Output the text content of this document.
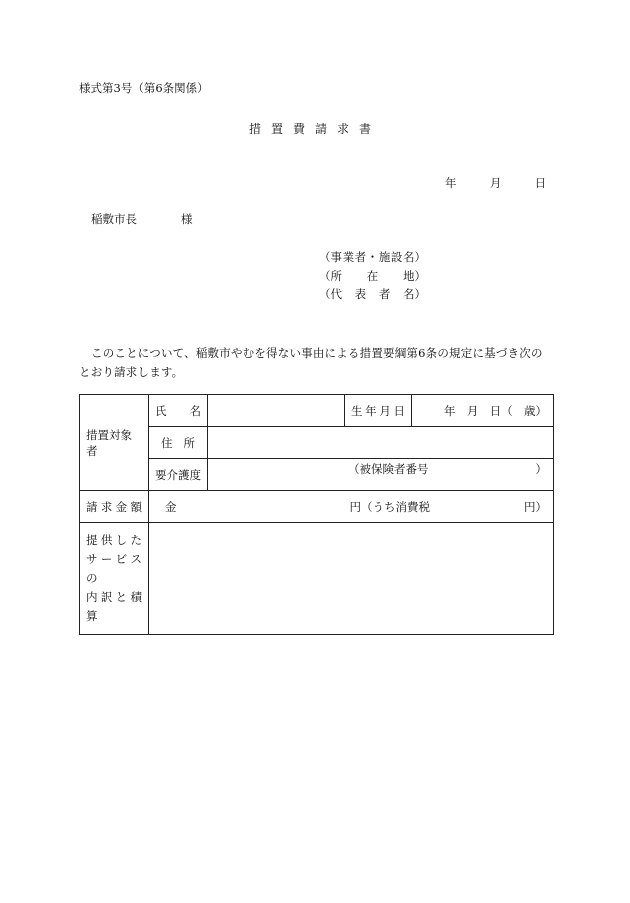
様式第3号（第6条関係）
措置費請求書
年	月	日
稲敷市長	様
（事業者・施設名）
（所在地）
（代表者名）
このことについて、稲敷市やむを得ない事由による措置要綱第6条の規定に基づき次のとおり請求します。
措置対象者	氏名		生年月日	年 月 日（ 歳）

	住所			

	要介護度	（被保険者番号 ）		

請求金額	金 円（うち消費税 円）			

提供した
サービスの
内訳と積算				
